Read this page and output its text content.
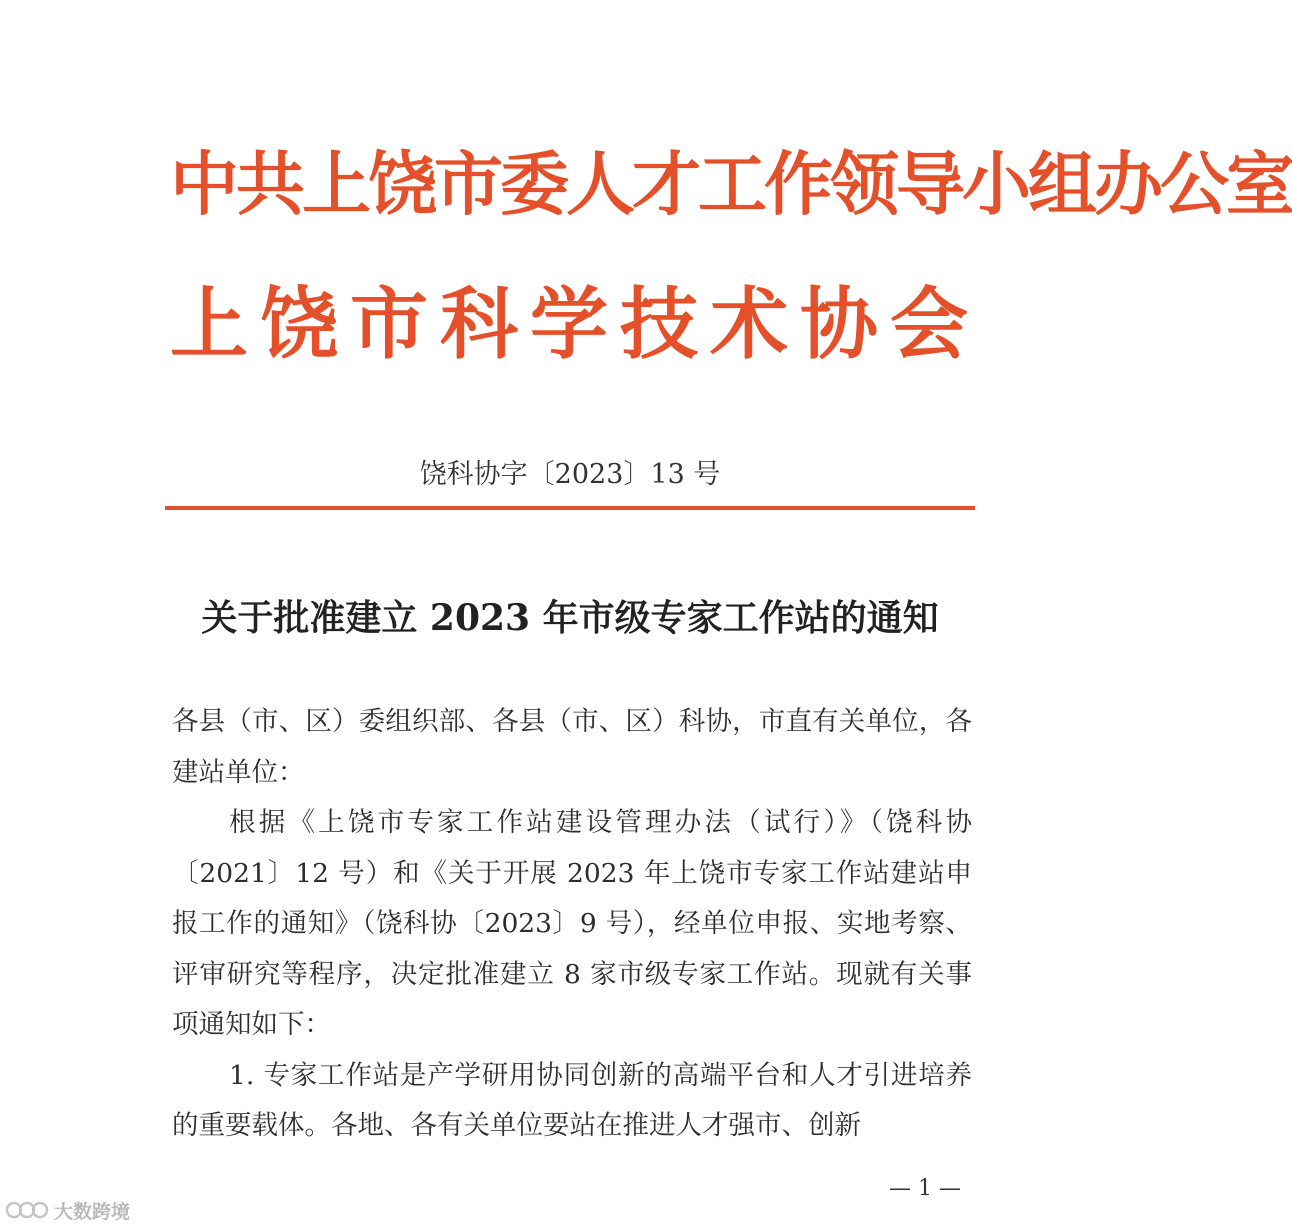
中共上饶市委人才工作领导小组办公室
上饶市科学技术协会
饶科协字〔2023〕13 号
关于批准建立 2023 年市级专家工作站的通知

各县（市、区）委组织部、各县（市、区）科协，市直有关单位，各建站单位：

根据《上饶市专家工作站建设管理办法（试行）》（饶科协〔2021〕12 号）和《关于开展 2023 年上饶市专家工作站建站申报工作的通知》（饶科协〔2023〕9 号），经单位申报、实地考察、评审研究等程序，决定批准建立 8 家市级专家工作站。现就有关事项通知如下：

1. 专家工作站是产学研用协同创新的高端平台和人才引进培养的重要载体。各地、各有关单位要站在推进人才强市、创新

— 1 —
大数跨境
